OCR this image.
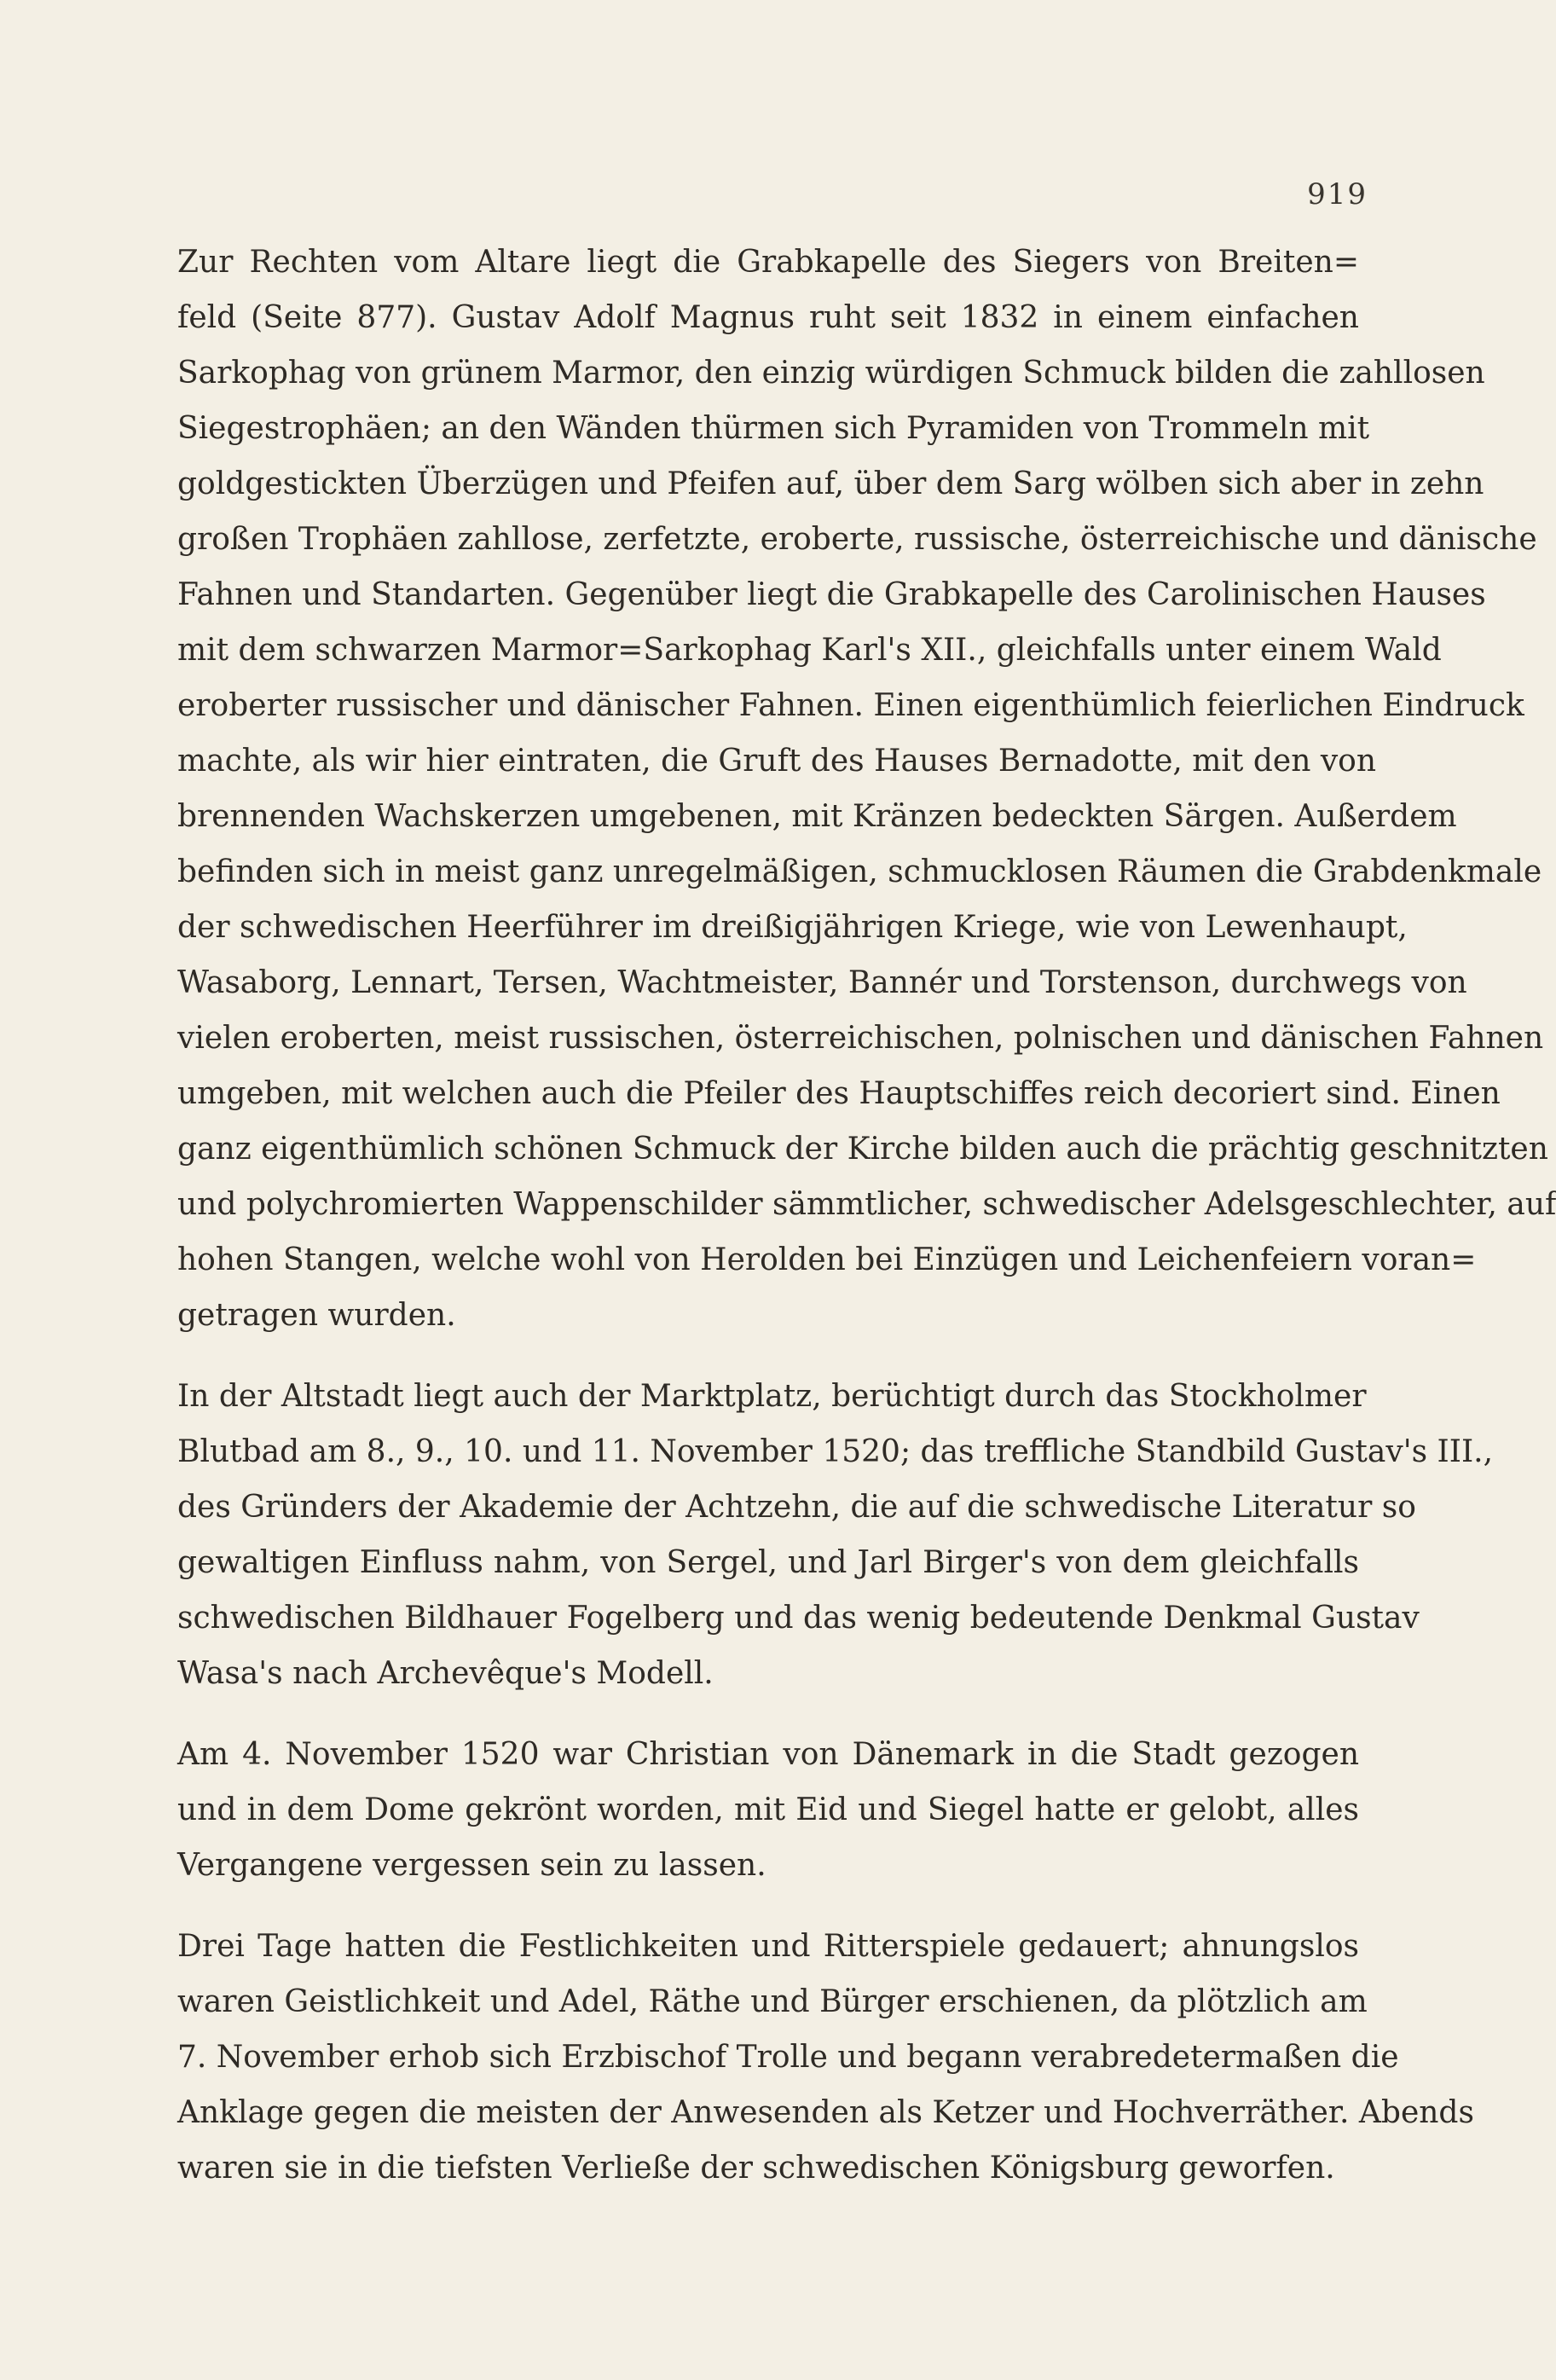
919
Zur Rechten vom Altare liegt die Grabkapelle des Siegers von Breiten=
feld (Seite 877). Gustav Adolf Magnus ruht seit 1832 in einem einfachen
Sarkophag von grünem Marmor, den einzig würdigen Schmuck bilden die zahllosen
Siegestrophäen; an den Wänden thürmen sich Pyramiden von Trommeln mit
goldgestickten Überzügen und Pfeifen auf, über dem Sarg wölben sich aber in zehn
großen Trophäen zahllose, zerfetzte, eroberte, russische, österreichische und dänische
Fahnen und Standarten. Gegenüber liegt die Grabkapelle des Carolinischen Hauses
mit dem schwarzen Marmor=Sarkophag Karl's XII., gleichfalls unter einem Wald
eroberter russischer und dänischer Fahnen. Einen eigenthümlich feierlichen Eindruck
machte, als wir hier eintraten, die Gruft des Hauses Bernadotte, mit den von
brennenden Wachskerzen umgebenen, mit Kränzen bedeckten Särgen. Außerdem
befinden sich in meist ganz unregelmäßigen, schmucklosen Räumen die Grabdenkmale
der schwedischen Heerführer im dreißigjährigen Kriege, wie von Lewenhaupt,
Wasaborg, Lennart, Tersen, Wachtmeister, Bannér und Torstenson, durchwegs von
vielen eroberten, meist russischen, österreichischen, polnischen und dänischen Fahnen
umgeben, mit welchen auch die Pfeiler des Hauptschiffes reich decoriert sind. Einen
ganz eigenthümlich schönen Schmuck der Kirche bilden auch die prächtig geschnitzten
und polychromierten Wappenschilder sämmtlicher, schwedischer Adelsgeschlechter, auf
hohen Stangen, welche wohl von Herolden bei Einzügen und Leichenfeiern voran=
getragen wurden.
In der Altstadt liegt auch der Marktplatz, berüchtigt durch das Stockholmer
Blutbad am 8., 9., 10. und 11. November 1520; das treffliche Standbild Gustav's III.,
des Gründers der Akademie der Achtzehn, die auf die schwedische Literatur so
gewaltigen Einfluss nahm, von Sergel, und Jarl Birger's von dem gleichfalls
schwedischen Bildhauer Fogelberg und das wenig bedeutende Denkmal Gustav
Wasa's nach Archevêque's Modell.
Am 4. November 1520 war Christian von Dänemark in die Stadt gezogen
und in dem Dome gekrönt worden, mit Eid und Siegel hatte er gelobt, alles
Vergangene vergessen sein zu lassen.
Drei Tage hatten die Festlichkeiten und Ritterspiele gedauert; ahnungslos
waren Geistlichkeit und Adel, Räthe und Bürger erschienen, da plötzlich am
7. November erhob sich Erzbischof Trolle und begann verabredetermaßen die
Anklage gegen die meisten der Anwesenden als Ketzer und Hochverräther. Abends
waren sie in die tiefsten Verließe der schwedischen Königsburg geworfen.
